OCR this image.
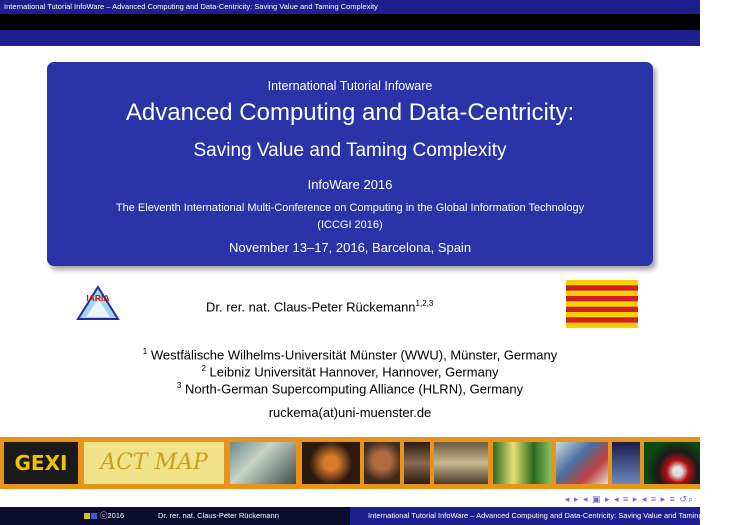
International Tutorial InfoWare – Advanced Computing and Data-Centricity: Saving Value and Taming Complexity
International Tutorial Infoware
Advanced Computing and Data-Centricity:
Saving Value and Taming Complexity
InfoWare 2016
The Eleventh International Multi-Conference on Computing in the Global Information Technology
(ICCGI 2016)
November 13–17, 2016, Barcelona, Spain
IARIA
Dr. rer. nat. Claus-Peter Rückemann$^{1,2,3}$
$^1$ Westfälische Wilhelms-Universität Münster (WWU), Münster, Germany
$^2$ Leibniz Universität Hannover, Hannover, Germany
$^3$ North-German Supercomputing Alliance (HLRN), Germany
ruckema(at)uni-muenster.de
GEXI	ACT MAP
◂ ▸ ◂ ▣ ▸ ◂ ≡ ▸ ◂ ≡ ▸ ≡ ↺⌕
ⓒ2016	Dr. rer. nat. Claus-Peter Rückemann	International Tutorial InfoWare – Advanced Computing and Data-Centricity: Saving Value and Taming Complexity
